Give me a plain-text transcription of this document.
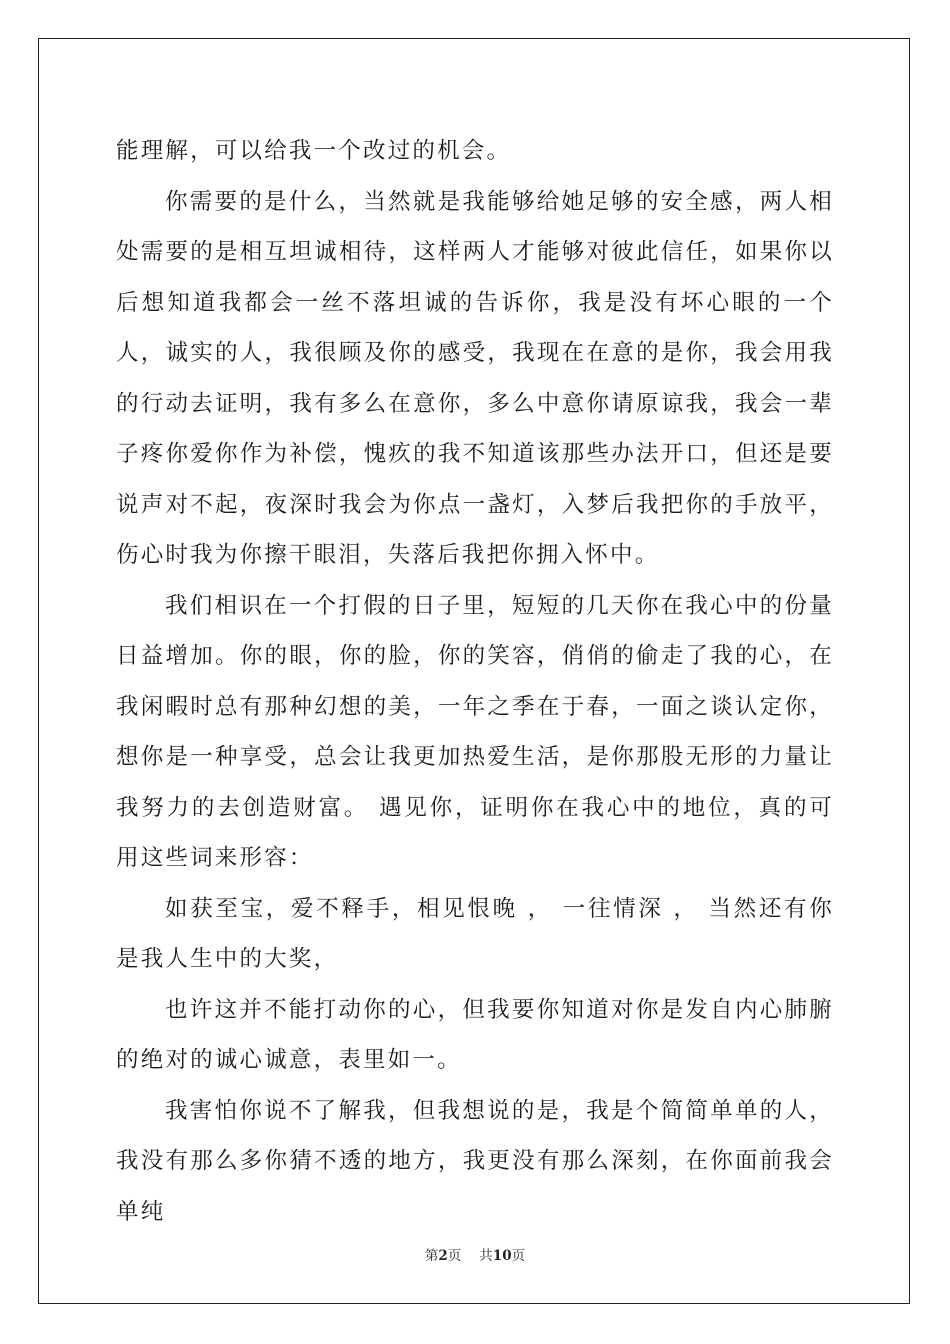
能理解，可以给我一个改过的机会。

你需要的是什么，当然就是我能够给她足够的安全感，两人相处需要的是相互坦诚相待，这样两人才能够对彼此信任，如果你以后想知道我都会一丝不落坦诚的告诉你，我是没有坏心眼的一个人，诚实的人，我很顾及你的感受，我现在在意的是你，我会用我的行动去证明，我有多么在意你，多么中意你请原谅我，我会一辈子疼你爱你作为补偿，愧疚的我不知道该那些办法开口，但还是要说声对不起，夜深时我会为你点一盏灯，入梦后我把你的手放平，伤心时我为你擦干眼泪，失落后我把你拥入怀中。

我们相识在一个打假的日子里，短短的几天你在我心中的份量日益增加。你的眼，你的脸，你的笑容，俏俏的偷走了我的心，在我闲暇时总有那种幻想的美，一年之季在于春，一面之谈认定你，想你是一种享受，总会让我更加热爱生活，是你那股无形的力量让我努力的去创造财富。 遇见你，证明你在我心中的地位，真的可用这些词来形容：

如获至宝，爱不释手，相见恨晚 ， 一往情深 ， 当然还有你是我人生中的大奖，

也许这并不能打动你的心，但我要你知道对你是发自内心肺腑的绝对的诚心诚意，表里如一。

我害怕你说不了解我，但我想说的是，我是个简简单单的人，我没有那么多你猜不透的地方，我更没有那么深刻，在你面前我会单纯

第2页 共10页
